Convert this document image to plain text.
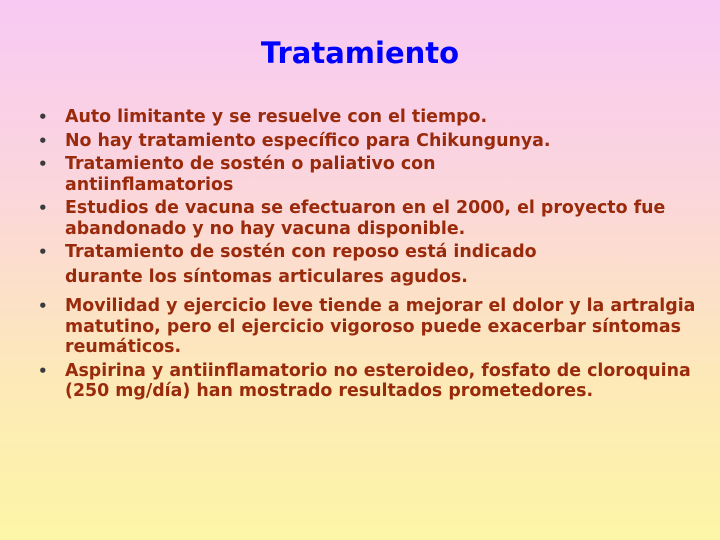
Tratamiento
• Auto limitante y se resuelve con el tiempo.
• No hay tratamiento específico para Chikungunya.
• Tratamiento de sostén o paliativo con antiinflamatorios
• Estudios de vacuna se efectuaron en el 2000, el proyecto fue abandonado y no hay vacuna disponible.
• Tratamiento de sostén con reposo está indicado
durante los síntomas articulares agudos.
• Movilidad y ejercicio leve tiende a mejorar el dolor y la artralgia matutino, pero el ejercicio vigoroso puede exacerbar síntomas reumáticos.
• Aspirina y antiinflamatorio no esteroideo, fosfato de cloroquina (250 mg/día) han mostrado resultados prometedores.
